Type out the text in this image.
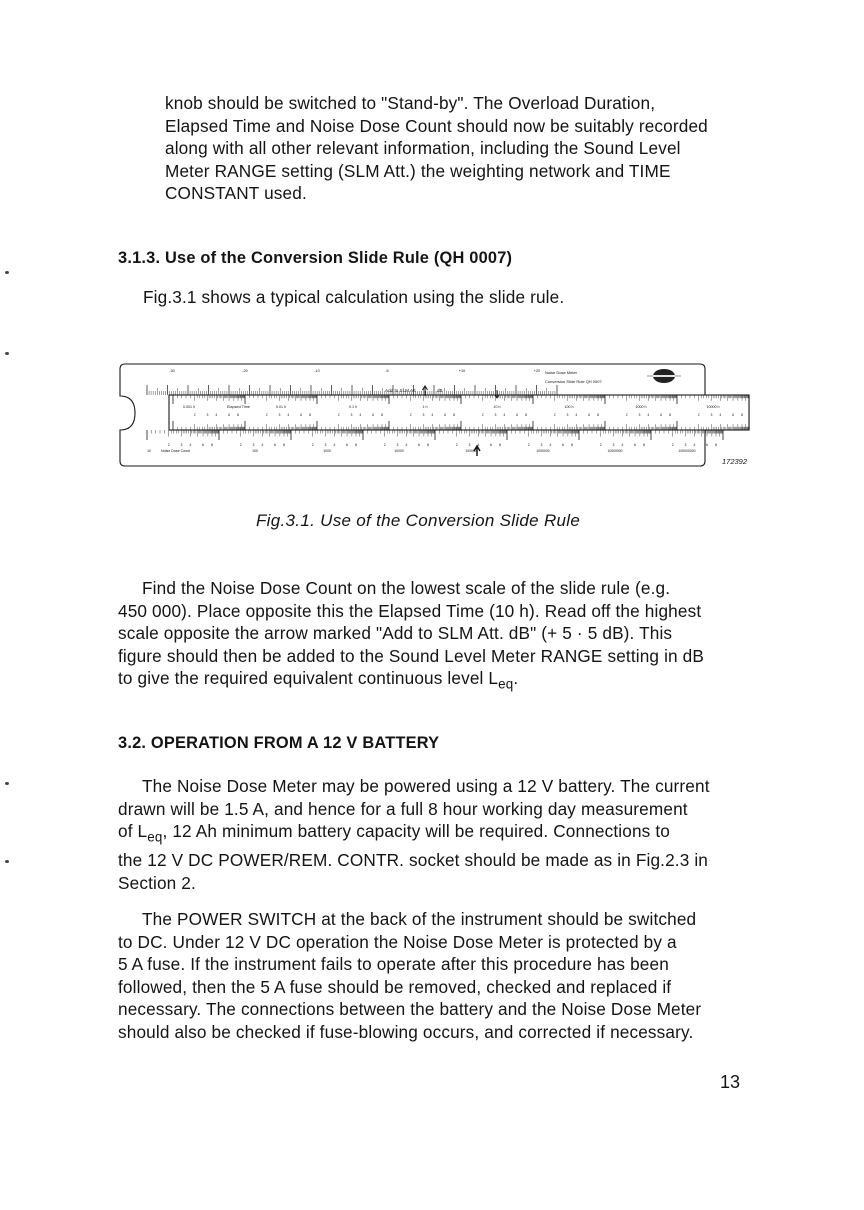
knob should be switched to "Stand-by". The Overload Duration,

Elapsed Time and Noise Dose Count should now be suitably recorded

along with all other relevant information, including the Sound Level

Meter RANGE setting (SLM Att.) the weighting network and TIME

CONSTANT used.

3.1.3. Use of the Conversion Slide Rule (QH 0007)
Fig.3.1 shows a typical calculation using the slide rule.
-30	-20	-10	-5	+10	+20
0.001 h	0.01 h	0.1 h	1 h	10 h	100 h	1000 h	10000 h
10	100	1000	10000	100000	1000000	10000000	100000000
2
2
3
3
4
4
6
6
8
8
2
2
3
3
4
4
6
6
8
8
2
2
3
3
4
4
6
6
8
8
2
2
3
3
4
4
6
6
8
8
2
2
3
3
4
4
6
6
8
8
2
2
3
3
4
4
6
6
8
8
2
2
3
3
4
4
6
6
8
8
2
2
3
3
4
4
6
6
8
8
Add to SLM Att	dB
Elapsed Time
Noise Dose Count
Noise Dose Meter
Conversion Slide Rule QH 0007
172392
Fig.3.1. Use of the Conversion Slide Rule

Find the Noise Dose Count on the lowest scale of the slide rule (e.g.

450 000). Place opposite this the Elapsed Time (10 h). Read off the highest

scale opposite the arrow marked "Add to SLM Att. dB" (+ 5 · 5 dB). This

figure should then be added to the Sound Level Meter RANGE setting in dB

to give the required equivalent continuous level $L_{eq}$.

3.2. OPERATION FROM A 12 V BATTERY

The Noise Dose Meter may be powered using a 12 V battery. The current

drawn will be 1.5 A, and hence for a full 8 hour working day measurement

of $L_{eq}$, 12 Ah minimum battery capacity will be required. Connections to

the 12 V DC POWER/REM. CONTR. socket should be made as in Fig.2.3 in

Section 2.

The POWER SWITCH at the back of the instrument should be switched

to DC. Under 12 V DC operation the Noise Dose Meter is protected by a

5 A fuse. If the instrument fails to operate after this procedure has been

followed, then the 5 A fuse should be removed, checked and replaced if

necessary. The connections between the battery and the Noise Dose Meter

should also be checked if fuse-blowing occurs, and corrected if necessary.

13
